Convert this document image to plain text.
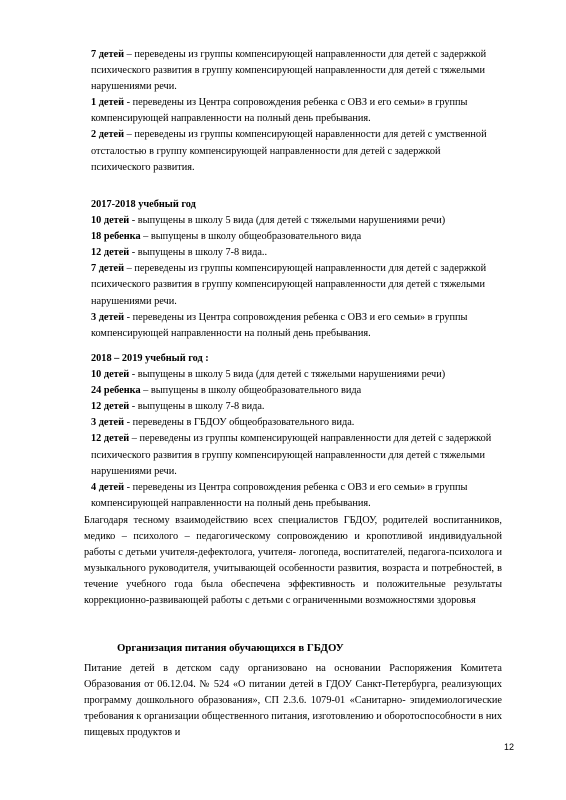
7 детей – переведены из группы компенсирующей направленности для детей с задержкой психического развития в группу компенсирующей направленности для детей с тяжелыми нарушениями речи.

1 детей - переведены из Центра сопровождения ребенка с ОВЗ и его семьи» в группы компенсирующей направленности на полный день пребывания.

2 детей – переведены из группы компенсирующей наравленности для детей с умственной отсталостью в группу компенсирующей направленности для детей с задержкой психического развития.

2017-2018 учебный год

10 детей - выпущены в школу 5 вида (для детей с тяжелыми нарушениями речи)

18 ребенка – выпущены в школу общеобразовательного вида

12 детей - выпущены в школу 7-8 вида..

7 детей – переведены из группы компенсирующей направленности для детей с задержкой психического развития в группу компенсирующей направленности для детей с тяжелыми нарушениями речи.

3 детей - переведены из Центра сопровождения ребенка с ОВЗ и его семьи» в группы компенсирующей направленности на полный день пребывания.

2018 – 2019 учебный год :

10 детей - выпущены в школу 5 вида (для детей с тяжелыми нарушениями речи)

24 ребенка – выпущены в школу общеобразовательного вида

12 детей - выпущены в школу 7-8 вида.

3 детей - переведены в ГБДОУ общеобразовательного вида.

12 детей – переведены из группы компенсирующей направленности для детей с задержкой психического развития в группу компенсирующей направленности для детей с тяжелыми нарушениями речи.

4 детей - переведены из Центра сопровождения ребенка с ОВЗ и его семьи» в группы компенсирующей направленности на полный день пребывания.

Благодаря тесному взаимодействию всех специалистов ГБДОУ, родителей воспитанников, медико – психолого – педагогическому сопровождению и кропотливой индивидуальной работы с детьми учителя-дефектолога, учителя- логопеда, воспитателей, педагога-психолога и музыкального руководителя, учитывающей особенности развития, возраста и потребностей, в течение учебного года была обеспечена эффективность и положительные результаты коррекционно-развивающей работы с детьми с ограниченными возможностями здоровья

Организация питания обучающихся в ГБДОУ

Питание детей в детском саду организовано на основании Распоряжения Комитета Образования от 06.12.04. № 524 «О питании детей в ГДОУ Санкт-Петербурга, реализующих программу дошкольного образования», СП 2.3.6. 1079-01 «Санитарно- эпидемиологические требования к организации общественного питания, изготовлению и оборотоспособности в них пищевых продуктов и

12
